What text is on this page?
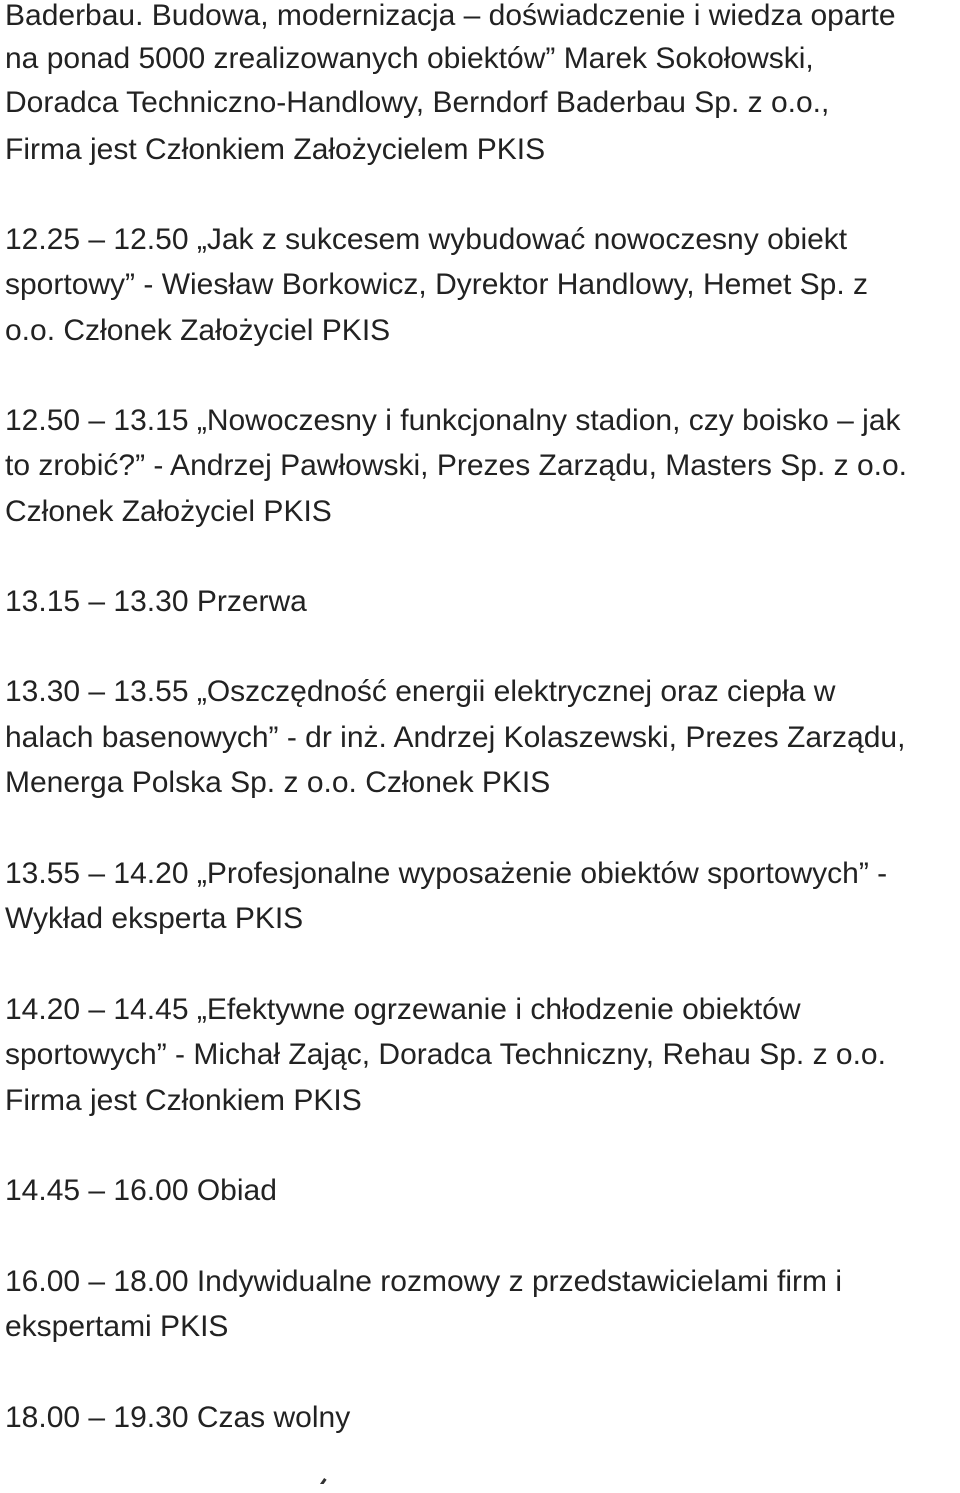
Baderbau. Budowa, modernizacja – doświadczenie i wiedza oparte
na ponad 5000 zrealizowanych obiektów” Marek Sokołowski,
Doradca Techniczno-Handlowy, Berndorf Baderbau Sp. z o.o.,
Firma jest Członkiem Założycielem PKIS
12.25 – 12.50 „Jak z sukcesem wybudować nowoczesny obiekt
sportowy” - Wiesław Borkowicz, Dyrektor Handlowy, Hemet Sp. z
o.o. Członek Założyciel PKIS
12.50 – 13.15 „Nowoczesny i funkcjonalny stadion, czy boisko – jak
to zrobić?” - Andrzej Pawłowski, Prezes Zarządu, Masters Sp. z o.o.
Członek Założyciel PKIS
13.15 – 13.30 Przerwa
13.30 – 13.55 „Oszczędność energii elektrycznej oraz ciepła w
halach basenowych” - dr inż. Andrzej Kolaszewski, Prezes Zarządu,
Menerga Polska Sp. z o.o. Członek PKIS
13.55 – 14.20 „Profesjonalne wyposażenie obiektów sportowych” -
Wykład eksperta PKIS
14.20 – 14.45 „Efektywne ogrzewanie i chłodzenie obiektów
sportowych” - Michał Zając, Doradca Techniczny, Rehau Sp. z o.o.
Firma jest Członkiem PKIS
14.45 – 16.00 Obiad
16.00 – 18.00 Indywidualne rozmowy z przedstawicielami firm i
ekspertami PKIS
18.00 – 19.30 Czas wolny
